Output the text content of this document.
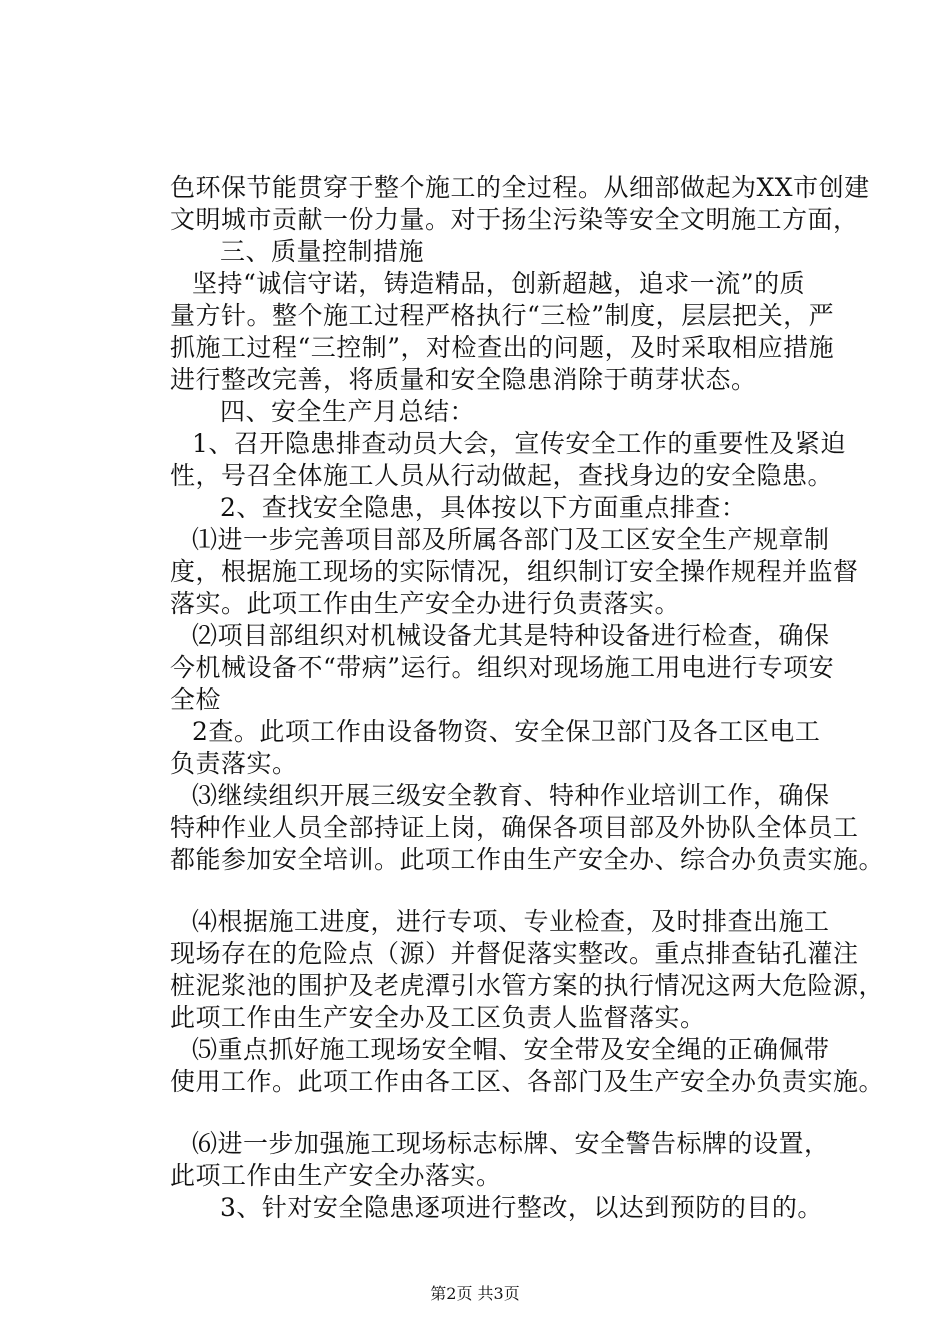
色环保节能贯穿于整个施工的全过程。从细部做起为XX市创建
文明城市贡献一份力量。对于扬尘污染等安全文明施工方面，
三、质量控制措施
坚持“诚信守诺，铸造精品，创新超越，追求一流”的质
量方针。整个施工过程严格执行“三检”制度，层层把关，严
抓施工过程“三控制”，对检查出的问题，及时采取相应措施
进行整改完善，将质量和安全隐患消除于萌芽状态。
四、安全生产月总结：
1、召开隐患排查动员大会，宣传安全工作的重要性及紧迫
性，号召全体施工人员从行动做起，查找身边的安全隐患。
2、查找安全隐患，具体按以下方面重点排查：
⑴进一步完善项目部及所属各部门及工区安全生产规章制
度，根据施工现场的实际情况，组织制订安全操作规程并监督
落实。此项工作由生产安全办进行负责落实。
⑵项目部组织对机械设备尤其是特种设备进行检查，确保
今机械设备不“带病”运行。组织对现场施工用电进行专项安
全检
2查。此项工作由设备物资、安全保卫部门及各工区电工
负责落实。
⑶继续组织开展三级安全教育、特种作业培训工作，确保
特种作业人员全部持证上岗，确保各项目部及外协队全体员工
都能参加安全培训。此项工作由生产安全办、综合办负责实施。
⑷根据施工进度，进行专项、专业检查，及时排查出施工
现场存在的危险点（源）并督促落实整改。重点排查钻孔灌注
桩泥浆池的围护及老虎潭引水管方案的执行情况这两大危险源，
此项工作由生产安全办及工区负责人监督落实。
⑸重点抓好施工现场安全帽、安全带及安全绳的正确佩带
使用工作。此项工作由各工区、各部门及生产安全办负责实施。
⑹进一步加强施工现场标志标牌、安全警告标牌的设置，
此项工作由生产安全办落实。
3、针对安全隐患逐项进行整改，以达到预防的目的。
第2页 共3页
